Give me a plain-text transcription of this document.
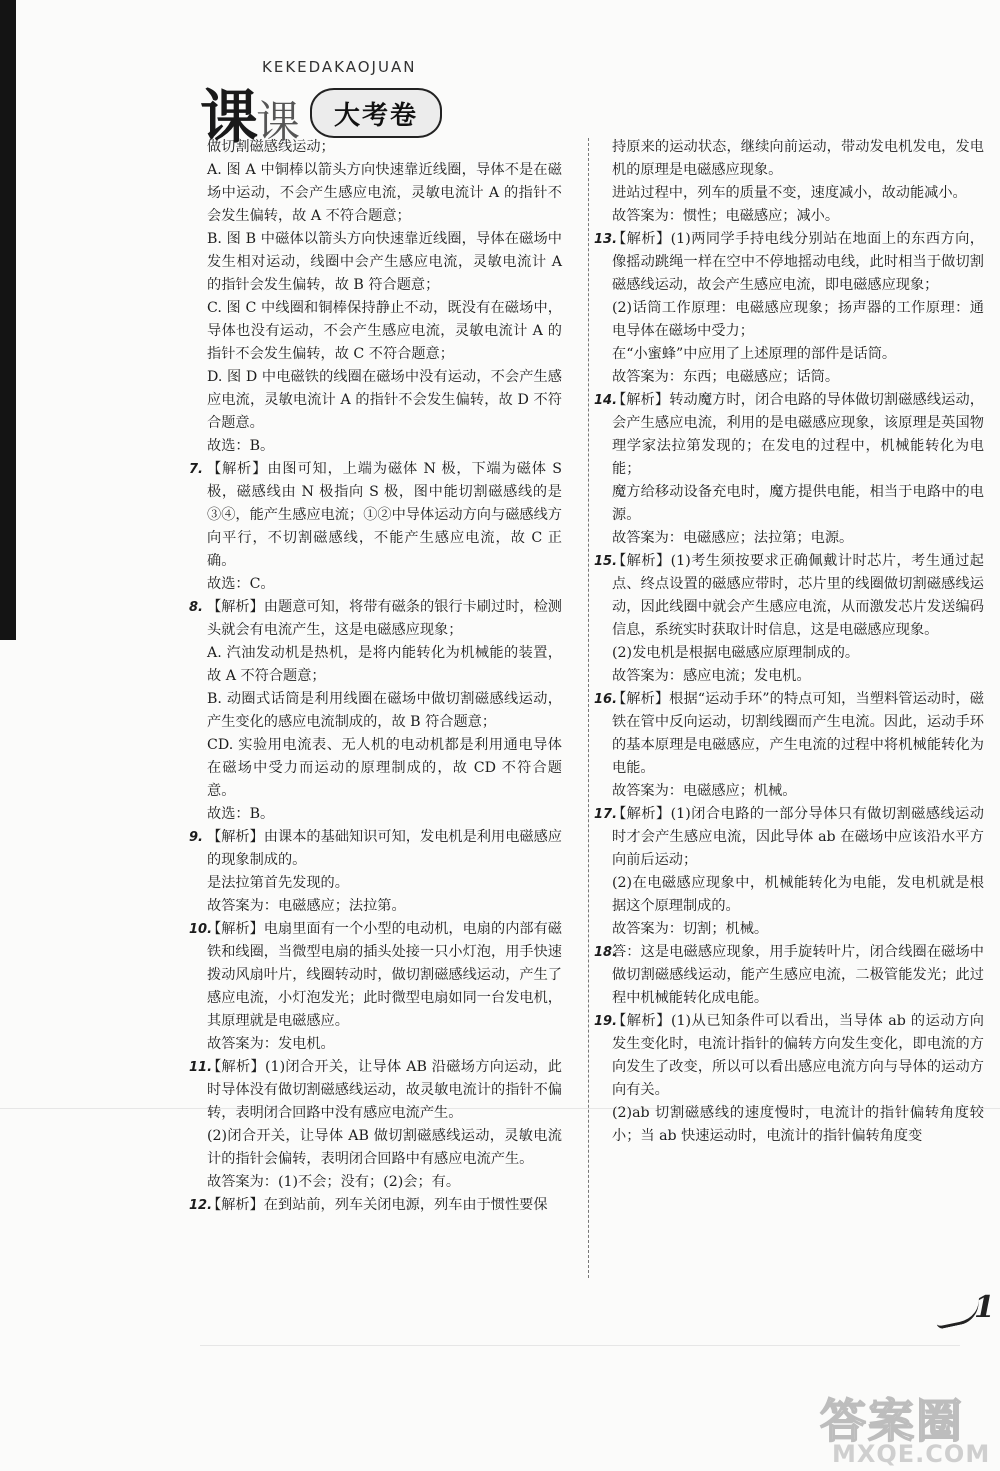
课
课
KEKEDAKAOJUAN
大考卷

做切割磁感线运动；

A. 图 A 中铜棒以箭头方向快速靠近线圈，导体不是在磁场中运动，不会产生感应电流，灵敏电流计 A 的指针不会发生偏转，故 A 不符合题意；

B. 图 B 中磁体以箭头方向快速靠近线圈，导体在磁场中发生相对运动，线圈中会产生感应电流，灵敏电流计 A 的指针会发生偏转，故 B 符合题意；

C. 图 C 中线圈和铜棒保持静止不动，既没有在磁场中，导体也没有运动，不会产生感应电流，灵敏电流计 A 的指针不会发生偏转，故 C 不符合题意；

D. 图 D 中电磁铁的线圈在磁场中没有运动，不会产生感应电流，灵敏电流计 A 的指针不会发生偏转，故 D 不符合题意。

故选：B。

7. 【解析】由图可知，上端为磁体 N 极，下端为磁体 S 极，磁感线由 N 极指向 S 极，图中能切割磁感线的是③④，能产生感应电流；①②中导体运动方向与磁感线方向平行，不切割磁感线，不能产生感应电流，故 C 正确。

故选：C。

8. 【解析】由题意可知，将带有磁条的银行卡刷过时，检测头就会有电流产生，这是电磁感应现象；

A. 汽油发动机是热机，是将内能转化为机械能的装置，故 A 不符合题意；

B. 动圈式话筒是利用线圈在磁场中做切割磁感线运动，产生变化的感应电流制成的，故 B 符合题意；

CD. 实验用电流表、无人机的电动机都是利用通电导体在磁场中受力而运动的原理制成的，故 CD 不符合题意。

故选：B。

9. 【解析】由课本的基础知识可知，发电机是利用电磁感应的现象制成的。

是法拉第首先发现的。

故答案为：电磁感应；法拉第。

10.

【解析】电扇里面有一个小型的电动机，电扇的内部有磁铁和线圈，当微型电扇的插头处接一只小灯泡，用手快速拨动风扇叶片，线圈转动时，做切割磁感线运动，产生了感应电流，小灯泡发光；此时微型电扇如同一台发电机，其原理就是电磁感应。

故答案为：发电机。

11.

【解析】(1)闭合开关，让导体 AB 沿磁场方向运动，此时导体没有做切割磁感线运动，故灵敏电流计的指针不偏转，表明闭合回路中没有感应电流产生。

(2)闭合开关，让导体 AB 做切割磁感线运动，灵敏电流计的指针会偏转，表明闭合回路中有感应电流产生。

故答案为：(1)不会；没有；(2)会；有。

12.

【解析】在到站前，列车关闭电源，列车由于惯性要保

持原来的运动状态，继续向前运动，带动发电机发电，发电机的原理是电磁感应现象。

进站过程中，列车的质量不变，速度减小，故动能减小。

故答案为：惯性；电磁感应；减小。

13.

【解析】(1)两同学手持电线分别站在地面上的东西方向，像摇动跳绳一样在空中不停地摇动电线，此时相当于做切割磁感线运动，故会产生感应电流，即电磁感应现象；

(2)话筒工作原理：电磁感应现象；扬声器的工作原理：通电导体在磁场中受力；

在“小蜜蜂”中应用了上述原理的部件是话筒。

故答案为：东西；电磁感应；话筒。

14.

【解析】转动魔方时，闭合电路的导体做切割磁感线运动，会产生感应电流，利用的是电磁感应现象，该原理是英国物理学家法拉第发现的；在发电的过程中，机械能转化为电能；

魔方给移动设备充电时，魔方提供电能，相当于电路中的电源。

故答案为：电磁感应；法拉第；电源。

15.

【解析】(1)考生须按要求正确佩戴计时芯片，考生通过起点、终点设置的磁感应带时，芯片里的线圈做切割磁感线运动，因此线圈中就会产生感应电流，从而激发芯片发送编码信息，系统实时获取计时信息，这是电磁感应现象。

(2)发电机是根据电磁感应原理制成的。

故答案为：感应电流；发电机。

16.

【解析】根据“运动手环”的特点可知，当塑料管运动时，磁铁在管中反向运动，切割线圈而产生电流。因此，运动手环的基本原理是电磁感应，产生电流的过程中将机械能转化为电能。

故答案为：电磁感应；机械。

17.

【解析】(1)闭合电路的一部分导体只有做切割磁感线运动时才会产生感应电流，因此导体 ab 在磁场中应该沿水平方向前后运动；

(2)在电磁感应现象中，机械能转化为电能，发电机就是根据这个原理制成的。

故答案为：切割；机械。

18.

答：这是电磁感应现象，用手旋转叶片，闭合线圈在磁场中做切割磁感线运动，能产生感应电流，二极管能发光；此过程中机械能转化成电能。

19.

【解析】(1)从已知条件可以看出，当导体 ab 的运动方向发生变化时，电流计指针的偏转方向发生变化，即电流的方向发生了改变，所以可以看出感应电流方向与导体的运动方向有关。

(2)ab 切割磁感线的速度慢时，电流计的指针偏转角度较小；当 ab 快速运动时，电流计的指针偏转角度变

1
答案圈
MXQE.COM
